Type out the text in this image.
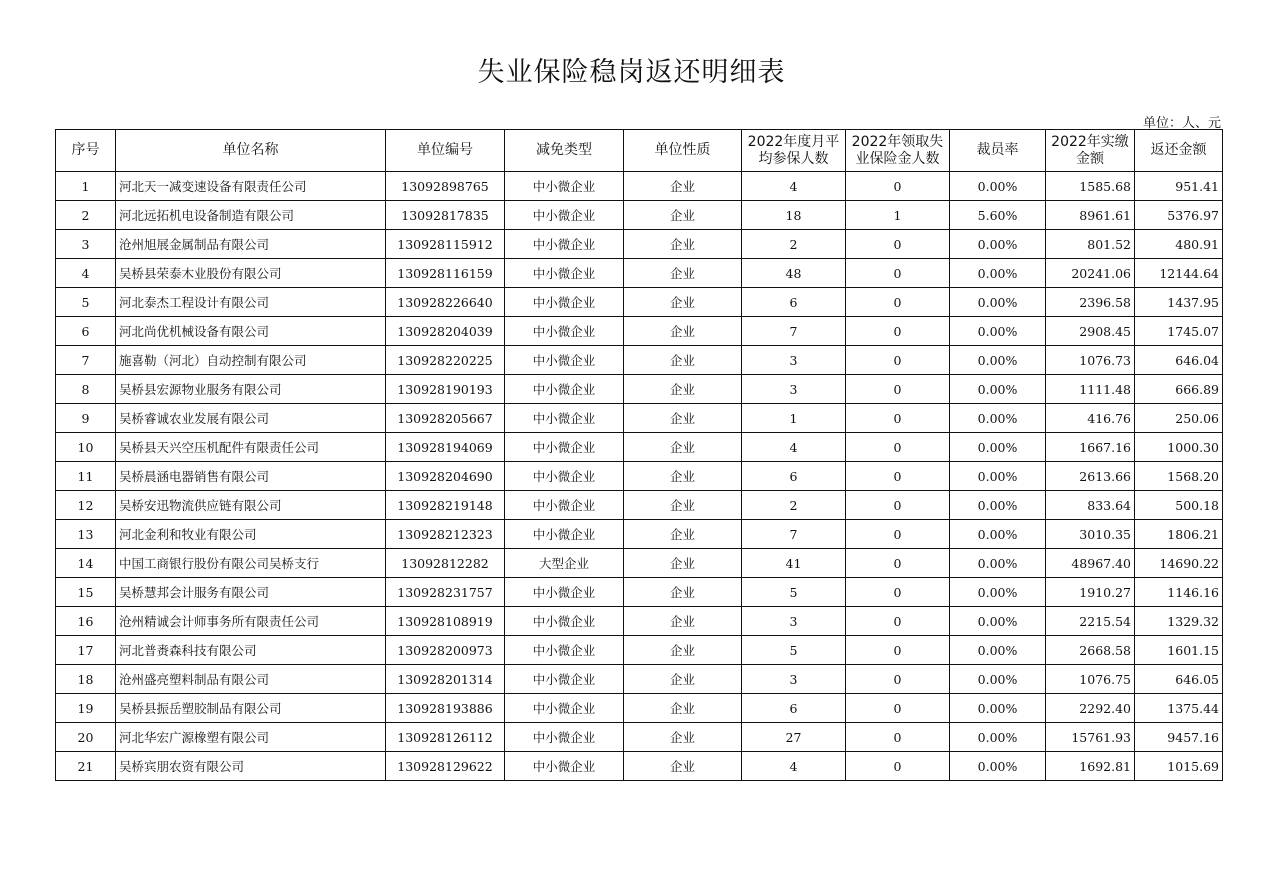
失业保险稳岗返还明细表
单位：人、元
序号	单位名称	单位编号	减免类型	单位性质	2022年度月平均参保人数	2022年领取失业保险金人数	裁员率	2022年实缴金额	返还金额
1	河北天一减变速设备有限责任公司	13092898765	中小微企业	企业	4	0	0.00%	1585.68	951.41
2	河北远拓机电设备制造有限公司	13092817835	中小微企业	企业	18	1	5.60%	8961.61	5376.97
3	沧州旭展金属制品有限公司	130928115912	中小微企业	企业	2	0	0.00%	801.52	480.91
4	吴桥县荣泰木业股份有限公司	130928116159	中小微企业	企业	48	0	0.00%	20241.06	12144.64
5	河北泰杰工程设计有限公司	130928226640	中小微企业	企业	6	0	0.00%	2396.58	1437.95
6	河北尚优机械设备有限公司	130928204039	中小微企业	企业	7	0	0.00%	2908.45	1745.07
7	施喜勒（河北）自动控制有限公司	130928220225	中小微企业	企业	3	0	0.00%	1076.73	646.04
8	吴桥县宏源物业服务有限公司	130928190193	中小微企业	企业	3	0	0.00%	1111.48	666.89
9	吴桥睿诚农业发展有限公司	130928205667	中小微企业	企业	1	0	0.00%	416.76	250.06
10	吴桥县天兴空压机配件有限责任公司	130928194069	中小微企业	企业	4	0	0.00%	1667.16	1000.30
11	吴桥晨涵电器销售有限公司	130928204690	中小微企业	企业	6	0	0.00%	2613.66	1568.20
12	吴桥安迅物流供应链有限公司	130928219148	中小微企业	企业	2	0	0.00%	833.64	500.18
13	河北金利和牧业有限公司	130928212323	中小微企业	企业	7	0	0.00%	3010.35	1806.21
14	中国工商银行股份有限公司吴桥支行	13092812282	大型企业	企业	41	0	0.00%	48967.40	14690.22
15	吴桥慧邦会计服务有限公司	130928231757	中小微企业	企业	5	0	0.00%	1910.27	1146.16
16	沧州精诚会计师事务所有限责任公司	130928108919	中小微企业	企业	3	0	0.00%	2215.54	1329.32
17	河北普赉森科技有限公司	130928200973	中小微企业	企业	5	0	0.00%	2668.58	1601.15
18	沧州盛亮塑料制品有限公司	130928201314	中小微企业	企业	3	0	0.00%	1076.75	646.05
19	吴桥县振岳塑胶制品有限公司	130928193886	中小微企业	企业	6	0	0.00%	2292.40	1375.44
20	河北华宏广源橡塑有限公司	130928126112	中小微企业	企业	27	0	0.00%	15761.93	9457.16
21	吴桥宾朋农资有限公司	130928129622	中小微企业	企业	4	0	0.00%	1692.81	1015.69
